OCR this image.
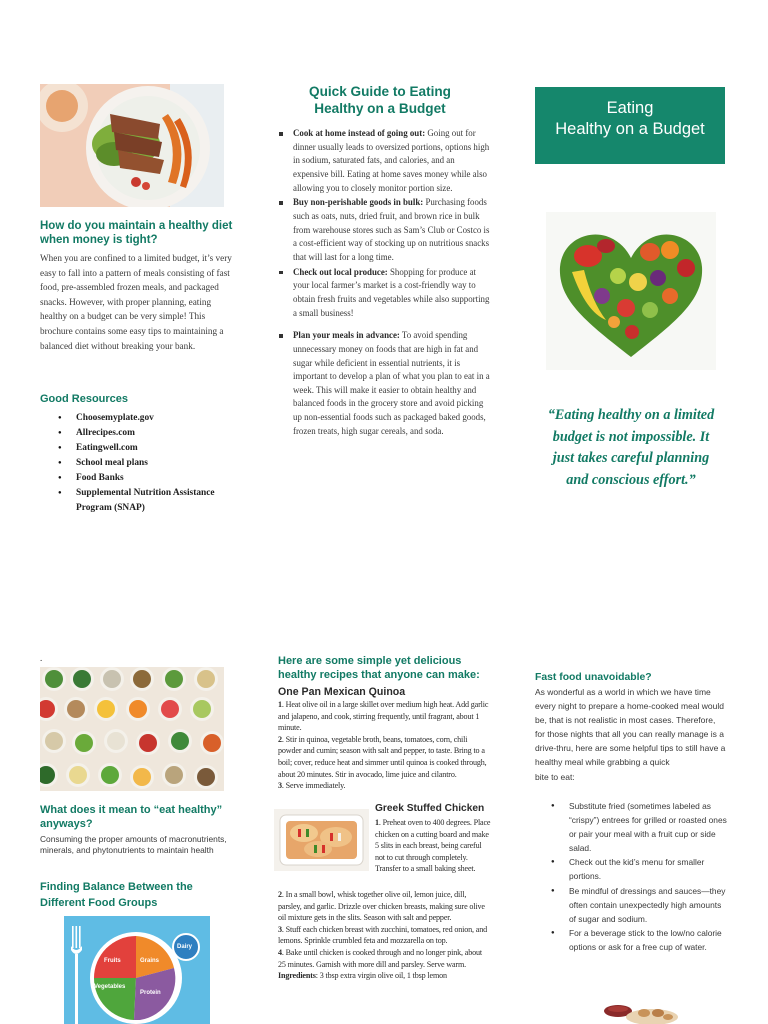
How do you maintain a healthy diet when money is tight?
When you are confined to a limited budget, it’s very easy to fall into a pattern of meals consisting of fast food, pre-assembled frozen meals, and packaged snacks. However, with proper planning, eating healthy on a budget can be very simple! This brochure contains some easy tips to maintaining a balanced diet without breaking your bank.
Good Resources
● Choosemyplate.gov
● Allrecipes.com
● Eatingwell.com
● School meal plans
● Food Banks
● Supplemental Nutrition Assistance Program (SNAP)
Quick Guide to Eating Healthy on a Budget
Cook at home instead of going out: Going out for dinner usually leads to oversized portions, options high in sodium, saturated fats, and calories, and an expensive bill. Eating at home saves money while also allowing you to closely monitor portion size.
Buy non-perishable goods in bulk: Purchasing foods such as oats, nuts, dried fruit, and brown rice in bulk from warehouse stores such as Sam’s Club or Costco is a cost-efficient way of stocking up on nutritious snacks that will last for a long time.
Check out local produce: Shopping for produce at your local farmer’s market is a cost-friendly way to obtain fresh fruits and vegetables while also supporting a small business!
Plan your meals in advance: To avoid spending unnecessary money on foods that are high in fat and sugar while deficient in essential nutrients, it is important to develop a plan of what you plan to eat in a week. This will make it easier to obtain healthy and balanced foods in the grocery store and avoid picking up non-essential foods such as packaged baked goods, frozen treats, high sugar cereals, and soda.
Eating
Healthy on a Budget
“Eating healthy on a limited budget is not impossible. It just takes careful planning and conscious effort.”
.
What does it mean to “eat healthy” anyways?
Consuming the proper amounts of macronutrients, minerals, and phytonutrients to maintain health
Finding Balance Between the Different Food Groups
Fruits	Grains
Vegetables
Protein
Dairy
Here are some simple yet delicious healthy recipes that anyone can make:
One Pan Mexican Quinoa
1. Heat olive oil in a large skillet over medium high heat. Add garlic and jalapeno, and cook, stirring frequently, until fragrant, about 1 minute.
2. Stir in quinoa, vegetable broth, beans, tomatoes, corn, chili powder and cumin; season with salt and pepper, to taste. Bring to a boil; cover, reduce heat and simmer until quinoa is cooked through, about 20 minutes. Stir in avocado, lime juice and cilantro.
3. Serve immediately.
Greek Stuffed Chicken
1. Preheat oven to 400 degrees. Place chicken on a cutting board and make 5 slits in each breast, being careful not to cut through completely. Transfer to a small baking sheet.
2. In a small bowl, whisk together olive oil, lemon juice, dill, parsley, and garlic. Drizzle over chicken breasts, making sure olive oil mixture gets in the slits. Season with salt and pepper.
3. Stuff each chicken breast with zucchini, tomatoes, red onion, and lemons. Sprinkle crumbled feta and mozzarella on top.
4. Bake until chicken is cooked through and no longer pink, about 25 minutes. Garnish with more dill and parsley. Serve warm.
Ingredients: 3 tbsp extra virgin olive oil, 1 tbsp lemon
Fast food unavoidable?
As wonderful as a world in which we have time every night to prepare a home-cooked meal would be, that is not realistic in most cases. Therefore, for those nights that all you can really manage is a drive-thru, here are some helpful tips to still have a healthy meal while grabbing a quick
bite to eat:
● Substitute fried (sometimes labeled as “crispy”) entrees for grilled or roasted ones or pair your meal with a fruit cup or side salad.
● Check out the kid’s menu for smaller portions.
● Be mindful of dressings and sauces—they often contain unexpectedly high amounts of sugar and sodium.
● For a beverage stick to the low/no calorie options or ask for a free cup of water.
